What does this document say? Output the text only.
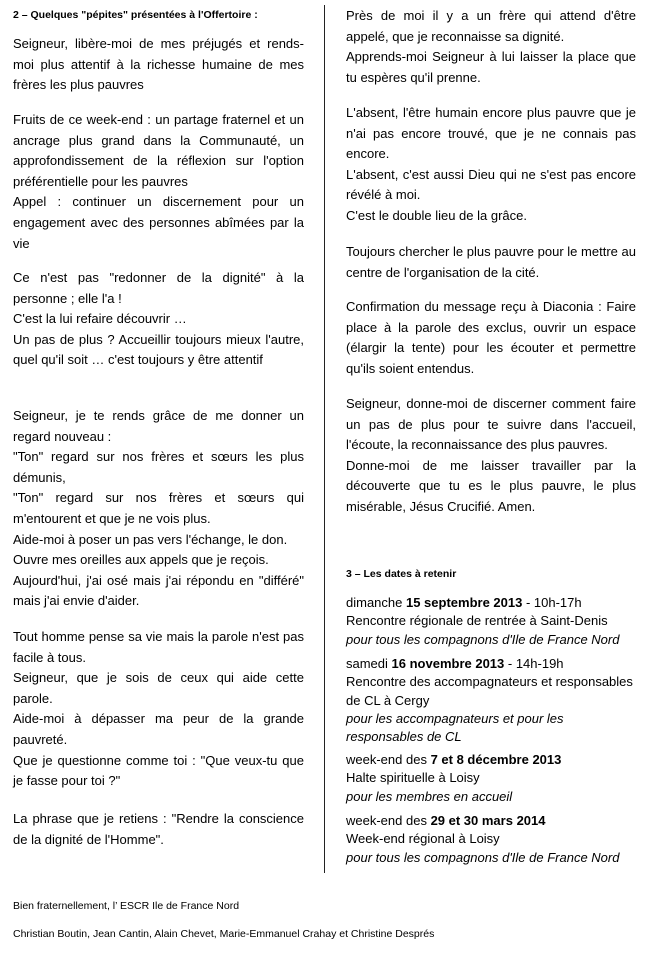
2 – Quelques "pépites" présentées à l'Offertoire :
Seigneur, libère-moi de mes préjugés et rends-moi plus attentif à la richesse humaine de mes frères les plus pauvres
Fruits de ce week-end : un partage fraternel et un ancrage plus grand dans la Communauté, un approfondissement de la réflexion sur l'option préférentielle pour les pauvres
Appel : continuer un discernement pour un engagement avec des personnes abîmées par la vie
Ce n'est pas "redonner de la dignité" à la personne ; elle l'a !
C'est la lui refaire découvrir …
Un pas de plus ? Accueillir toujours mieux l'autre, quel qu'il soit … c'est toujours y être attentif
Seigneur, je te rends grâce de me donner un regard nouveau :
"Ton" regard sur nos frères et sœurs les plus démunis,
"Ton" regard sur nos frères et sœurs qui m'entourent et que je ne vois plus.
Aide-moi à poser un pas vers l'échange, le don.
Ouvre mes oreilles aux appels que je reçois.
Aujourd'hui, j'ai osé mais j'ai répondu en "différé" mais j'ai envie d'aider.
Tout homme pense sa vie mais la parole n'est pas facile à tous.
Seigneur, que je sois de ceux qui aide cette parole.
Aide-moi à dépasser ma peur de la grande pauvreté.
Que je questionne comme toi : "Que veux-tu que je fasse pour toi ?"
La phrase que je retiens : "Rendre la conscience de la dignité de l'Homme".
Près de moi il y a un frère qui attend d'être appelé, que je reconnaisse sa dignité.
Apprends-moi Seigneur à lui laisser la place que tu espères qu'il prenne.
L'absent, l'être humain encore plus pauvre que je n'ai pas encore trouvé, que je ne connais pas encore.
L'absent, c'est aussi Dieu qui ne s'est pas encore révélé à moi.
C'est le double lieu de la grâce.
Toujours chercher le plus pauvre pour le mettre au centre de l'organisation de la cité.
Confirmation du message reçu à Diaconia : Faire place à la parole des exclus, ouvrir un espace (élargir la tente) pour les écouter et permettre qu'ils soient entendus.
Seigneur, donne-moi de discerner comment faire un pas de plus pour te suivre dans l'accueil, l'écoute, la reconnaissance des plus pauvres.
Donne-moi de me laisser travailler par la découverte que tu es le plus pauvre, le plus misérable, Jésus Crucifié. Amen.
3 – Les dates à retenir
dimanche 15 septembre 2013 - 10h-17h
Rencontre régionale de rentrée à Saint-Denis
pour tous les compagnons d'Ile de France Nord
samedi 16 novembre 2013 - 14h-19h
Rencontre des accompagnateurs et responsables de CL à Cergy
pour les accompagnateurs et pour les responsables de CL
week-end des 7 et 8 décembre 2013
Halte spirituelle à Loisy
pour les membres en accueil
week-end des 29 et 30 mars 2014
Week-end régional à Loisy
pour tous les compagnons d'Ile de France Nord
Bien fraternellement, l’ ESCR Ile de France Nord
Christian Boutin, Jean Cantin, Alain Chevet, Marie-Emmanuel Crahay et Christine Després
